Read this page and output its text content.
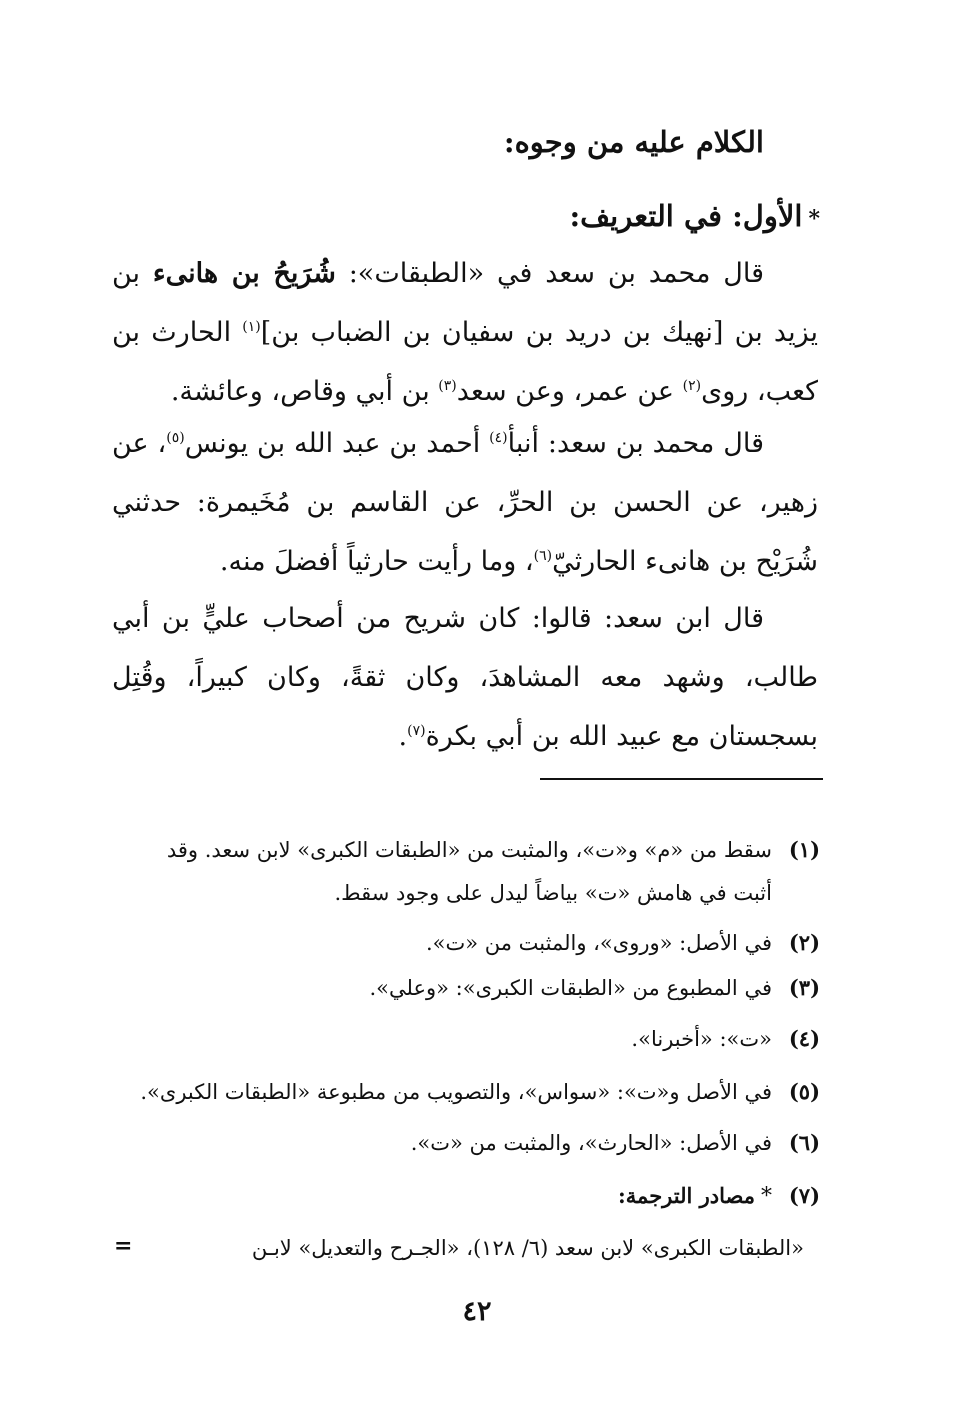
الكلام عليه من وجوه:
*الأول: في التعريف:
قال محمد بن سعد في «الطبقات»: شُرَيحُ بن هانىء بن يزيد بن [نهيك بن دريد بن سفيان بن الضباب بن]$^{(١)}$ الحارث بن كعب، روى$^{(٢)}$ عن عمر، وعن سعد$^{(٣)}$ بن أبي وقاص، وعائشة.
قال محمد بن سعد: أنبأ$^{(٤)}$ أحمد بن عبد الله بن يونس$^{(٥)}$، عن زهير، عن الحسن بن الحرِّ، عن القاسم بن مُخَيمرة: حدثني شُرَيْح بن هانىء الحارثيّ$^{(٦)}$، وما رأيت حارثياً أفضلَ منه.
قال ابن سعد: قالوا: كان شريح من أصحاب عليٍّ بن أبي طالب، وشهد معه المشاهدَ، وكان ثقةً، وكان كبيراً، وقُتِل بسجستان مع عبيد الله بن أبي بكرة$^{(٧)}$.
(١)سقط من «م» و«ت»، والمثبت من «الطبقات الكبرى» لابن سعد. وقد
أثبت في هامش «ت» بياضاً ليدل على وجود سقط.
(٢)في الأصل: «وروى»، والمثبت من «ت».
(٣)في المطبوع من «الطبقات الكبرى»: «وعلي».
(٤)«ت»: «أخبرنا».
(٥)في الأصل و«ت»: «سواس»، والتصويب من مطبوعة «الطبقات الكبرى».
(٦)في الأصل: «الحارث»، والمثبت من «ت».
(٧)*مصادر الترجمة:
«الطبقات الكبرى» لابن سعد (٦/ ١٢٨)، «الجـرح والتعديل» لابـن
=
٤٢
